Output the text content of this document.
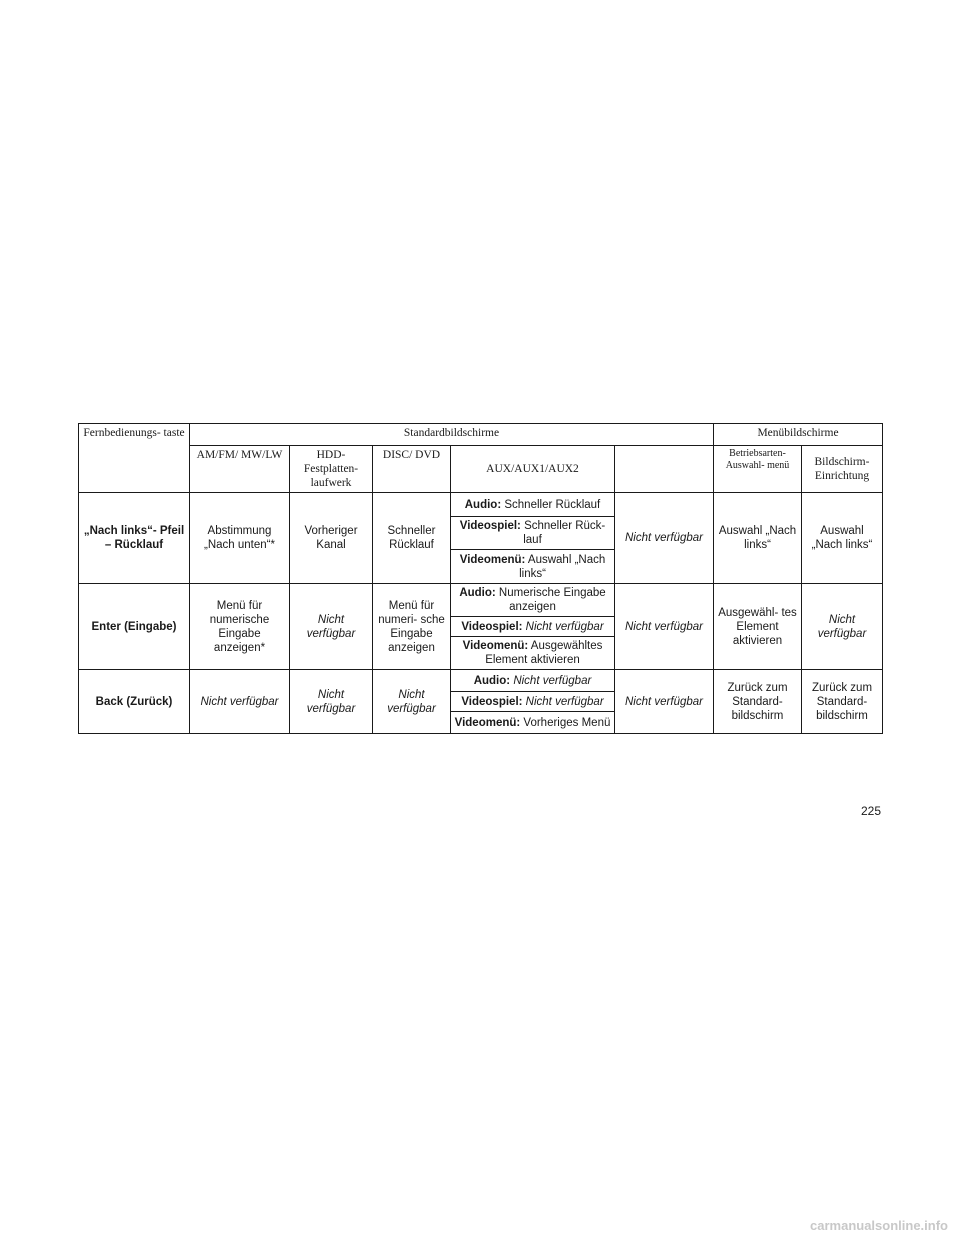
Fernbedienungs- taste	Standardbildschirme					Menübildschirme	
	AM/FM/ MW/LW	HDD- Festplatten- laufwerk	DISC/ DVD	AUX/AUX1/AUX2		Betriebsarten- Auswahl- menü	Bildschirm- Einrichtung
„Nach links“- Pfeil – Rücklauf	Abstimmung „Nach unten“*	Vorheriger Kanal	Schneller Rücklauf	Audio: Schneller Rücklauf	Nicht verfügbar	Auswahl „Nach links“	Auswahl „Nach links“
				Videospiel: Schneller Rück- lauf			
				Videomenü: Auswahl „Nach links“			
Enter (Eingabe)	Menü für numerische Eingabe anzeigen*	Nicht verfügbar	Menü für numeri- sche Eingabe anzeigen	Audio: Numerische Eingabe anzeigen	Nicht verfügbar	Ausgewähl- tes Element aktivieren	Nicht verfügbar
				Videospiel: Nicht verfügbar			
				Videomenü: Ausgewähltes Element aktivieren			
Back (Zurück)	Nicht verfügbar	Nicht verfügbar	Nicht verfügbar	Audio: Nicht verfügbar	Nicht verfügbar	Zurück zum Standard- bildschirm	Zurück zum Standard- bildschirm
				Videospiel: Nicht verfügbar			
				Videomenü: Vorheriges Menü			
225
carmanualsonline.info
